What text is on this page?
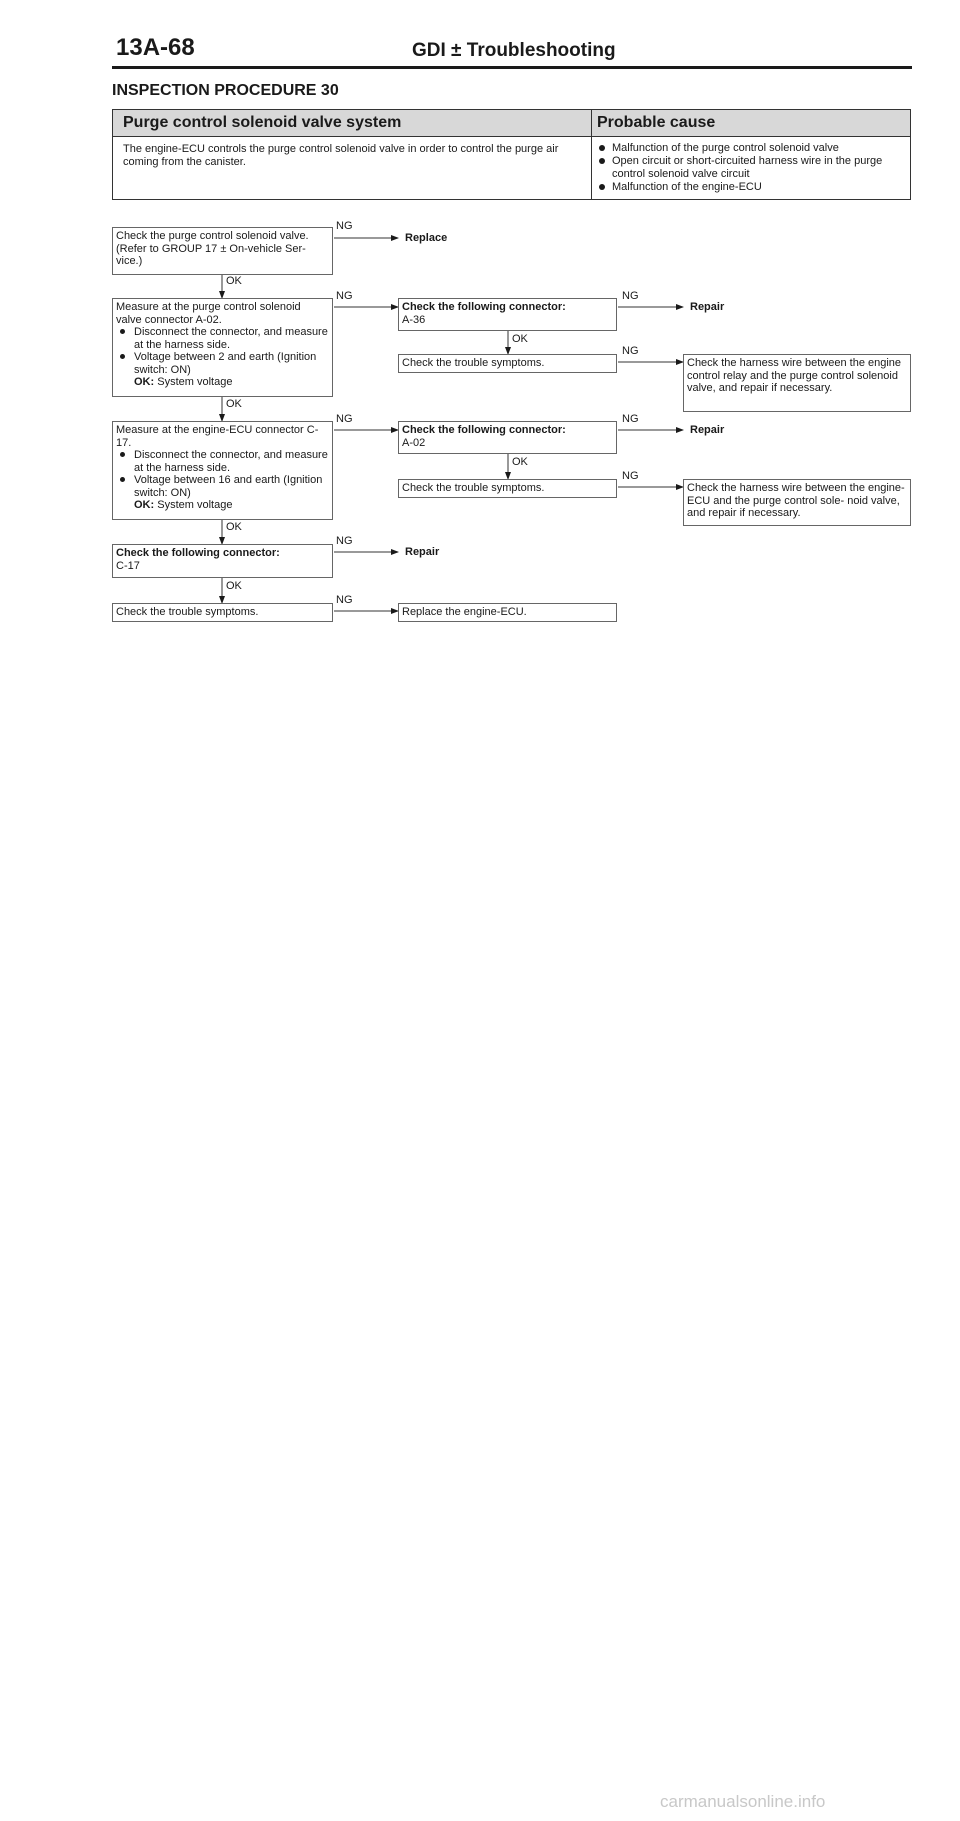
13A-68	GDI ± Troubleshooting
INSPECTION PROCEDURE 30
Purge control solenoid valve system	Probable cause
The engine-ECU controls the purge control solenoid valve in order to control the purge air coming from the canister.
Malfunction of the purge control solenoid valve
Open circuit or short-circuited harness wire in the purge control solenoid valve circuit
Malfunction of the engine-ECU
NG
OK
NG	NG
OK
NG
OK
NG	NG
OK
NG
OK
NG
OK
NG
Check the purge control solenoid valve. (Refer to GROUP 17 ± On-vehicle Ser- vice.)
Replace
Measure at the purge control solenoid valve connector A-02.
Disconnect the connector, and measure at the harness side.
Voltage between 2 and earth (Ignition switch: ON)
OK: System voltage
Check the following connector:
A-36
Repair
Check the trouble symptoms.	Check the harness wire between the engine control relay and the purge control solenoid valve, and repair if necessary.
Measure at the engine-ECU connector C-17.
Disconnect the connector, and measure at the harness side.
Voltage between 16 and earth (Ignition switch: ON)
OK: System voltage
Check the following connector:
A-02
Repair
Check the trouble symptoms.	Check the harness wire between the engine-ECU and the purge control sole- noid valve, and repair if necessary.
Check the following connector:
C-17
Repair
Check the trouble symptoms.	Replace the engine-ECU.
carmanualsonline.info
